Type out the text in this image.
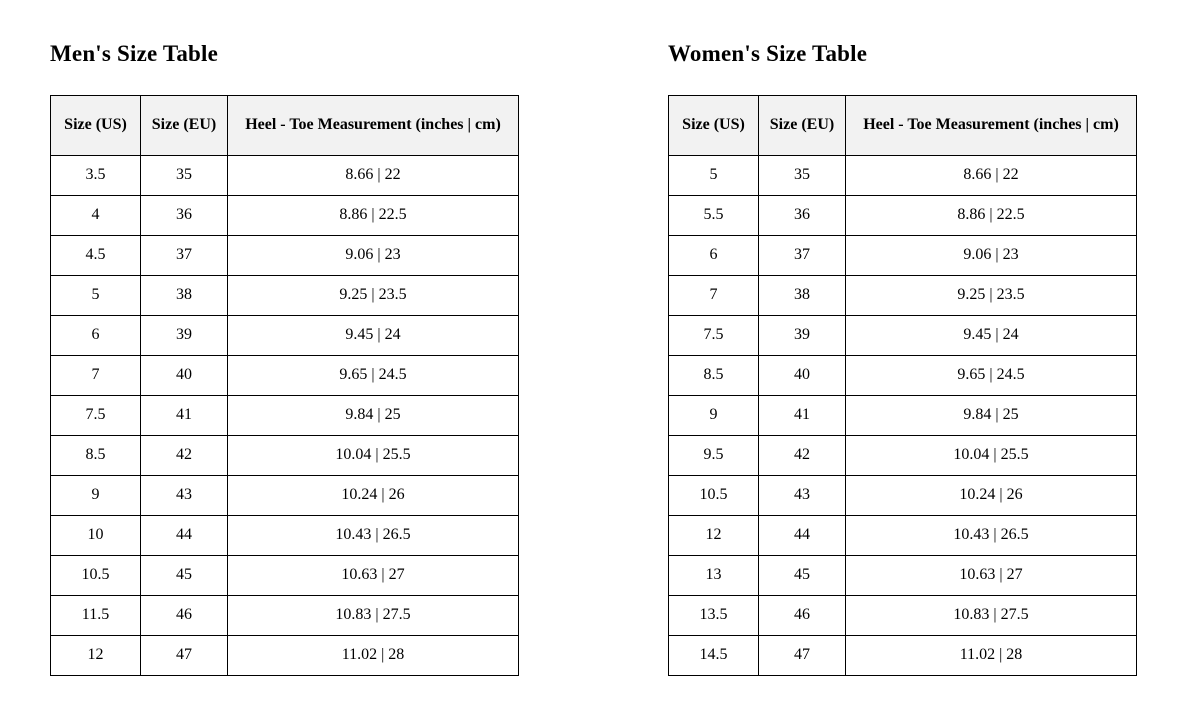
Men's Size Table
Size (US)	Size (EU)	Heel - Toe Measurement (inches | cm)
3.5	35	8.66 | 22
4	36	8.86 | 22.5
4.5	37	9.06 | 23
5	38	9.25 | 23.5
6	39	9.45 | 24
7	40	9.65 | 24.5
7.5	41	9.84 | 25
8.5	42	10.04 | 25.5
9	43	10.24 | 26
10	44	10.43 | 26.5
10.5	45	10.63 | 27
11.5	46	10.83 | 27.5
12	47	11.02 | 28
Women's Size Table
Size (US)	Size (EU)	Heel - Toe Measurement (inches | cm)
5	35	8.66 | 22
5.5	36	8.86 | 22.5
6	37	9.06 | 23
7	38	9.25 | 23.5
7.5	39	9.45 | 24
8.5	40	9.65 | 24.5
9	41	9.84 | 25
9.5	42	10.04 | 25.5
10.5	43	10.24 | 26
12	44	10.43 | 26.5
13	45	10.63 | 27
13.5	46	10.83 | 27.5
14.5	47	11.02 | 28
